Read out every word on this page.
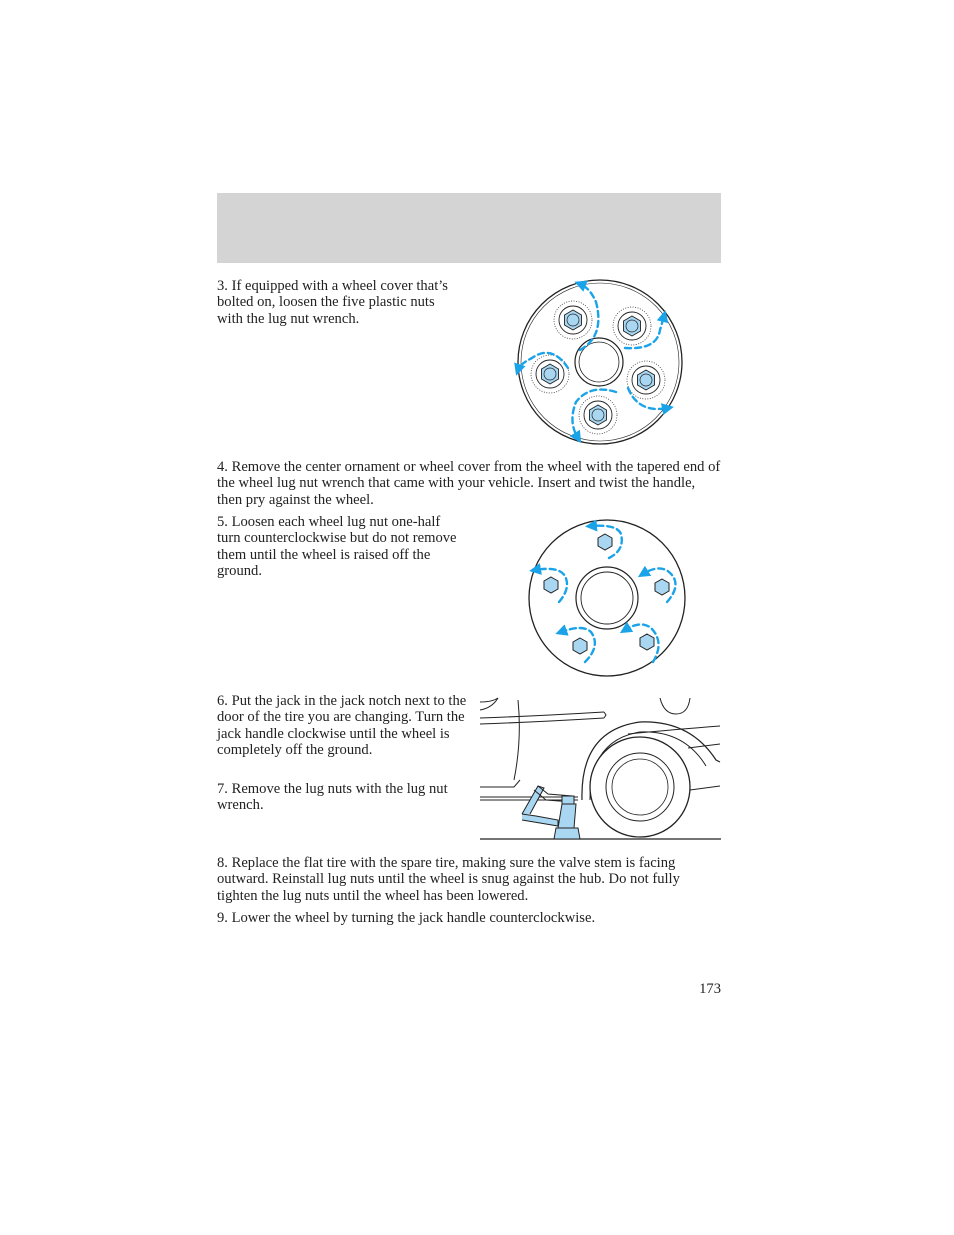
3. If equipped with a wheel cover that’s bolted on, loosen the five plastic nuts with the lug nut wrench.

4. Remove the center ornament or wheel cover from the wheel with the tapered end of the wheel lug nut wrench that came with your vehicle. Insert and twist the handle, then pry against the wheel.

5. Loosen each wheel lug nut one-half turn counterclockwise but do not remove them until the wheel is raised off the ground.

6. Put the jack in the jack notch next to the door of the tire you are changing. Turn the jack handle clockwise until the wheel is completely off the ground.

7. Remove the lug nuts with the lug nut wrench.

8. Replace the flat tire with the spare tire, making sure the valve stem is facing outward. Reinstall lug nuts until the wheel is snug against the hub. Do not fully tighten the lug nuts until the wheel has been lowered.

9. Lower the wheel by turning the jack handle counterclockwise.

173
